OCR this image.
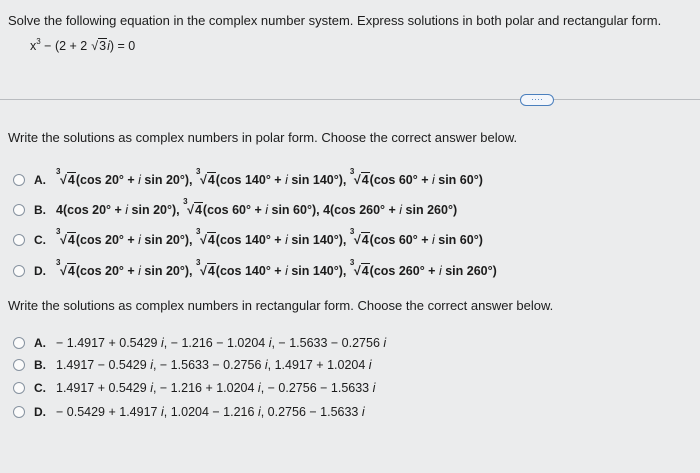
Solve the following equation in the complex number system. Express solutions in both polar and rectangular form.
$x^3 - (2 + 2$ √3i) = 0
····
Write the solutions as complex numbers in polar form. Choose the correct answer below.
A.
3
√4(cos 20° + i sin 20°),
3
√4(cos 140° + i sin 140°),
3
√4(cos 60° + i sin 60°)
B. 4(cos 20° + i sin 20°),
3
√4(cos 60° + i sin 60°), 4(cos 260° + i sin 260°)
C.
3
√4(cos 20° + i sin 20°),
3
√4(cos 140° + i sin 140°),
3
√4(cos 60° + i sin 60°)
D.
3
√4(cos 20° + i sin 20°),
3
√4(cos 140° + i sin 140°),
3
√4(cos 260° + i sin 260°)
Write the solutions as complex numbers in rectangular form. Choose the correct answer below.
A. − 1.4917 + 0.5429 i, − 1.216 − 1.0204 i, − 1.5633 − 0.2756 i
B. 1.4917 − 0.5429 i, − 1.5633 − 0.2756 i, 1.4917 + 1.0204 i
C. 1.4917 + 0.5429 i, − 1.216 + 1.0204 i, − 0.2756 − 1.5633 i
D. − 0.5429 + 1.4917 i, 1.0204 − 1.216 i, 0.2756 − 1.5633 i
